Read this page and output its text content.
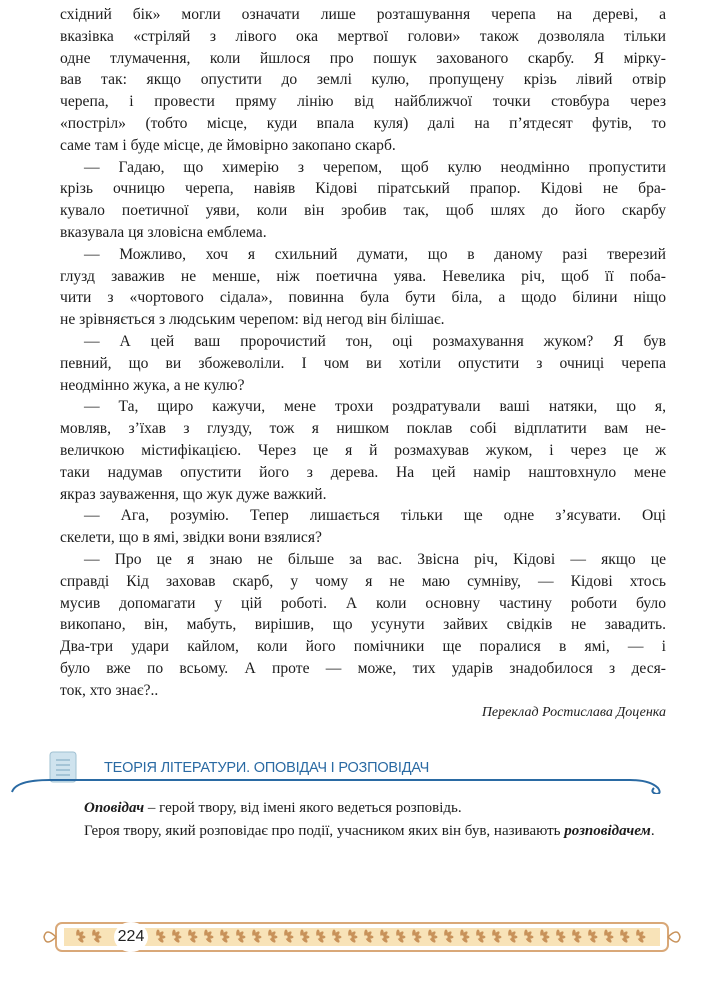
східний бік» могли означати лише розташування черепа на дереві, а
вказівка «стріляй з лівого ока мертвої голови» також дозволяла тільки
одне тлумачення, коли йшлося про пошук захованого скарбу. Я мірку-
вав так: якщо опустити до землі кулю, пропущену крізь лівий отвір
черепа, і провести пряму лінію від найближчої точки стовбура через
«постріл» (тобто місце, куди впала куля) далі на п’ятдесят футів, то
саме там і буде місце, де ймовірно закопано скарб.
— Гадаю, що химерію з черепом, щоб кулю неодмінно пропустити
крізь очницю черепа, навіяв Кідові піратський прапор. Кідові не бра-
кувало поетичної уяви, коли він зробив так, щоб шлях до його скарбу
вказувала ця зловісна емблема.
— Можливо, хоч я схильний думати, що в даному разі тверезий
глузд заважив не менше, ніж поетична уява. Невелика річ, щоб її поба-
чити з «чортового сідала», повинна була бути біла, а щодо білини ніщо
не зрівняється з людським черепом: від негод він білішає.
— А цей ваш пророчистий тон, оці розмахування жуком? Я був
певний, що ви збожеволіли. І чом ви хотіли опустити з очниці черепа
неодмінно жука, а не кулю?
— Та, щиро кажучи, мене трохи роздратували ваші натяки, що я,
мовляв, з’їхав з глузду, тож я нишком поклав собі відплатити вам не-
величкою містифікацією. Через це я й розмахував жуком, і через це ж
таки надумав опустити його з дерева. На цей намір наштовхнуло мене
якраз зауваження, що жук дуже важкий.
— Ага, розумію. Тепер лишається тільки ще одне з’ясувати. Оці
скелети, що в ямі, звідки вони взялися?
— Про це я знаю не більше за вас. Звісна річ, Кідові — якщо це
справді Кід заховав скарб, у чому я не маю сумніву, — Кідові хтось
мусив допомагати у цій роботі. А коли основну частину роботи було
викопано, він, мабуть, вирішив, що усунути зайвих свідків не завадить.
Два-три удари кайлом, коли його помічники ще поралися в ямі, — і
було вже по всьому. А проте — може, тих ударів знадобилося з деся-
ток, хто знає?..
Переклад Ростислава Доценка
ТЕОРІЯ ЛІТЕРАТУРИ. ОПОВІДАЧ І РОЗПОВІДАЧ
Оповідач – герой твору, від імені якого ведеться розповідь.
Героя твору, який розповідає про події, учасником яких він був, називають розповідачем.
224
